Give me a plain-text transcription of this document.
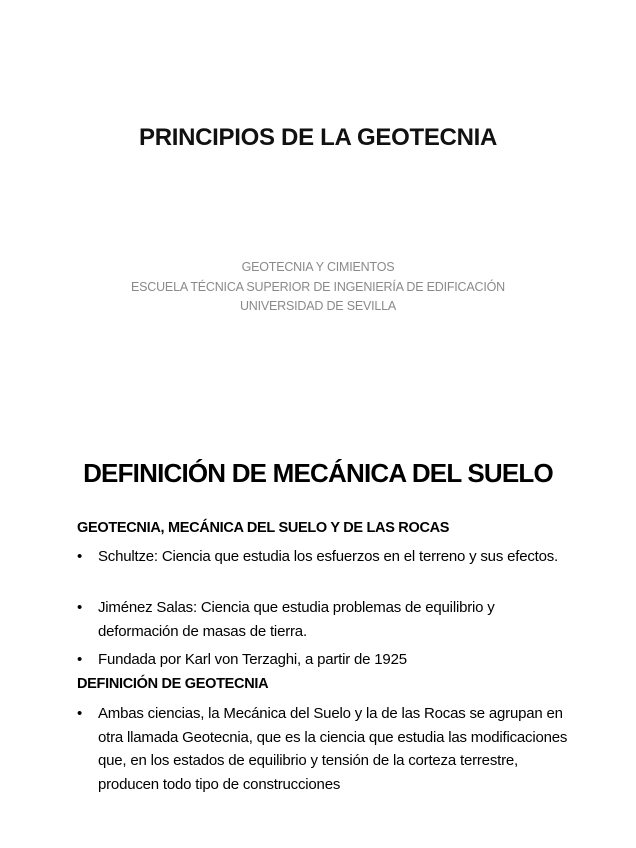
PRINCIPIOS DE LA GEOTECNIA
GEOTECNIA Y CIMIENTOS
ESCUELA TÉCNICA SUPERIOR DE INGENIERÍA DE EDIFICACIÓN
UNIVERSIDAD DE SEVILLA
DEFINICIÓN DE MECÁNICA DEL SUELO
GEOTECNIA, MECÁNICA DEL SUELO Y DE LAS ROCAS
•	Schultze: Ciencia que estudia los esfuerzos en el terreno y sus efectos.
•	Jiménez Salas: Ciencia que estudia problemas de equilibrio y deformación de masas de tierra.
•	Fundada por Karl von Terzaghi, a partir de 1925
DEFINICIÓN DE GEOTECNIA
•	Ambas ciencias, la Mecánica del Suelo y la de las Rocas se agrupan en otra llamada Geotecnia, que es la ciencia que estudia las modificaciones que, en los estados de equilibrio y tensión de la corteza terrestre, producen todo tipo de construcciones
